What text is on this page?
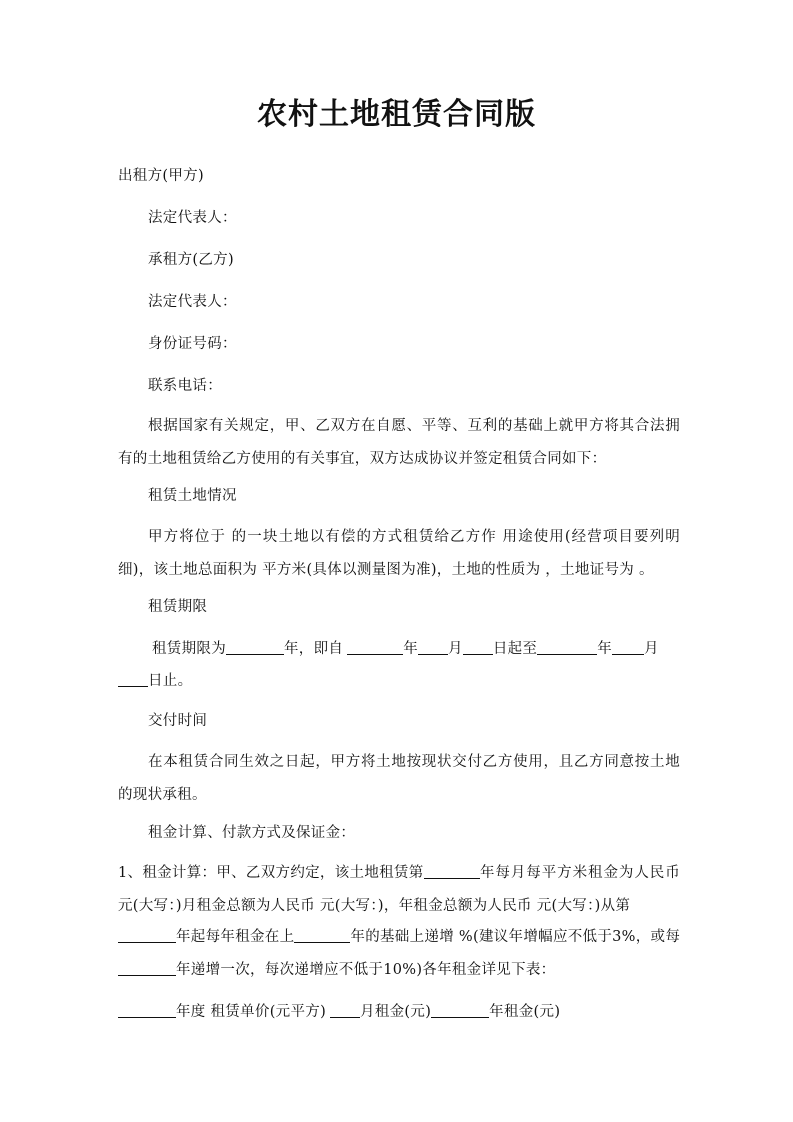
农村土地租赁合同版
出租方(甲方)
法定代表人：
承租方(乙方)
法定代表人：
身份证号码：
联系电话：
根据国家有关规定，甲、乙双方在自愿、平等、互利的基础上就甲方将其合法拥有的土地租赁给乙方使用的有关事宜，双方达成协议并签定租赁合同如下：
租赁土地情况
甲方将位于 的一块土地以有偿的方式租赁给乙方作 用途使用(经营项目要列明细)，该土地总面积为 平方米(具体以测量图为准)，土地的性质为 ，土地证号为 。
租赁期限
租赁期限为	年，即自	年 月 日起至	年 月
日止。
交付时间
在本租赁合同生效之日起，甲方将土地按现状交付乙方使用，且乙方同意按土地的现状承租。
租金计算、付款方式及保证金：
1、租金计算：甲、乙双方约定，该土地租赁第	年每月每平方米租金为人民币元(大写：)月租金总额为人民币 元(大写：)，年租金总额为人民币 元(大写：)从第
年起每年租金在上	年的基础上递增 %(建议年增幅应不低于3%，或每
年递增一次，每次递增应不低于10%)各年租金详见下表：
年度 租赁单价(元平方) 月租金(元)	年租金(元)
